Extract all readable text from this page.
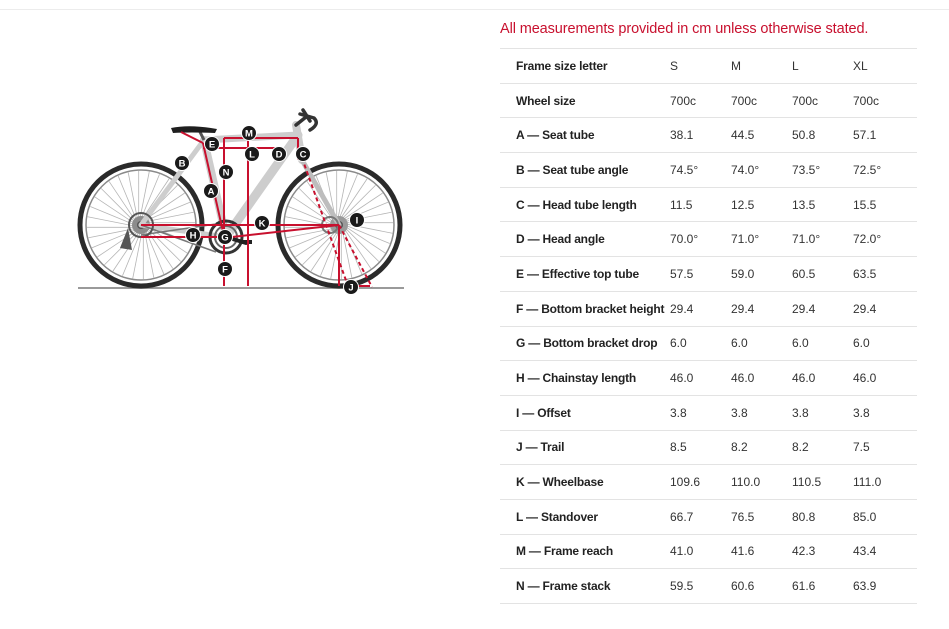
A
B
C
D
E
F
G
H
I
J
K
L
M
N
All measurements provided in cm unless otherwise stated.
Frame size letter	S	M	L	XL
Wheel size	700c	700c	700c	700c
A — Seat tube	38.1	44.5	50.8	57.1
B — Seat tube angle	74.5°	74.0°	73.5°	72.5°
C — Head tube length	11.5	12.5	13.5	15.5
D — Head angle	70.0°	71.0°	71.0°	72.0°
E — Effective top tube	57.5	59.0	60.5	63.5
F — Bottom bracket height	29.4	29.4	29.4	29.4
G — Bottom bracket drop	6.0	6.0	6.0	6.0
H — Chainstay length	46.0	46.0	46.0	46.0
I — Offset	3.8	3.8	3.8	3.8
J — Trail	8.5	8.2	8.2	7.5
K — Wheelbase	109.6	110.0	110.5	111.0
L — Standover	66.7	76.5	80.8	85.0
M — Frame reach	41.0	41.6	42.3	43.4
N — Frame stack	59.5	60.6	61.6	63.9
